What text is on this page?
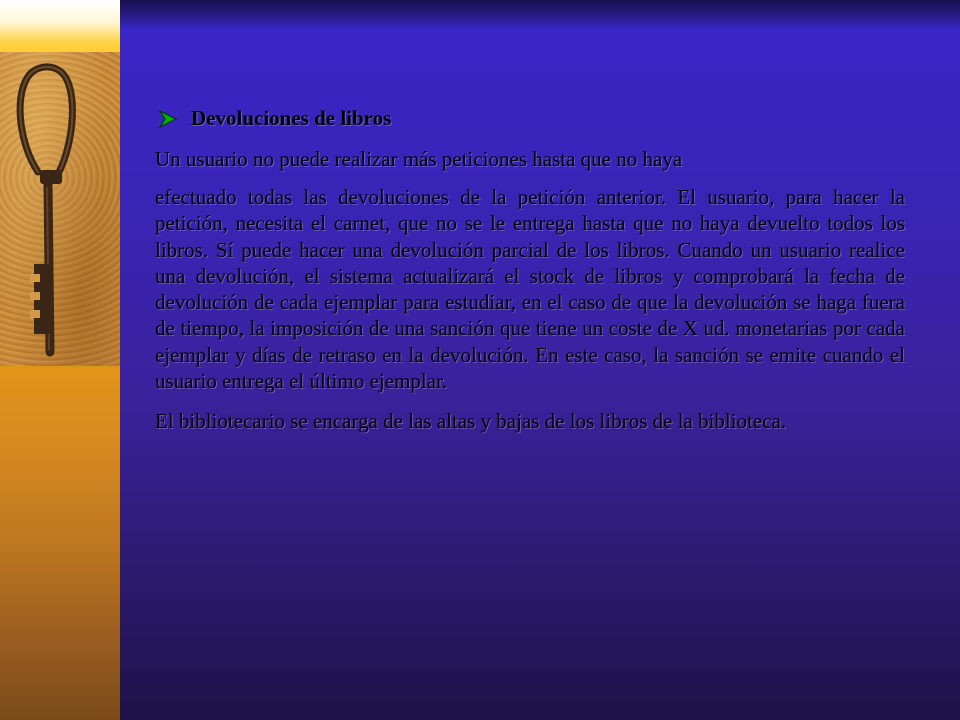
Devoluciones de libros
Un usuario no puede realizar más peticiones hasta que no haya
efectuado todas las devoluciones de la petición anterior. El usuario, para hacer la petición, necesita el carnet, que no se le entrega hasta que no haya devuelto todos los libros. Sí puede hacer una devolución parcial de los libros. Cuando un usuario realice una devolución, el sistema actualizará el stock de libros y comprobará la fecha de devolución de cada ejemplar para estudiar, en el caso de que la devolución se haga fuera de tiempo, la imposición de una sanción que tiene un coste de X ud. monetarias por cada ejemplar y días de retraso en la devolución. En este caso, la sanción se emite cuando el usuario entrega el último ejemplar.
El bibliotecario se encarga de las altas y bajas de los libros de la biblioteca.
